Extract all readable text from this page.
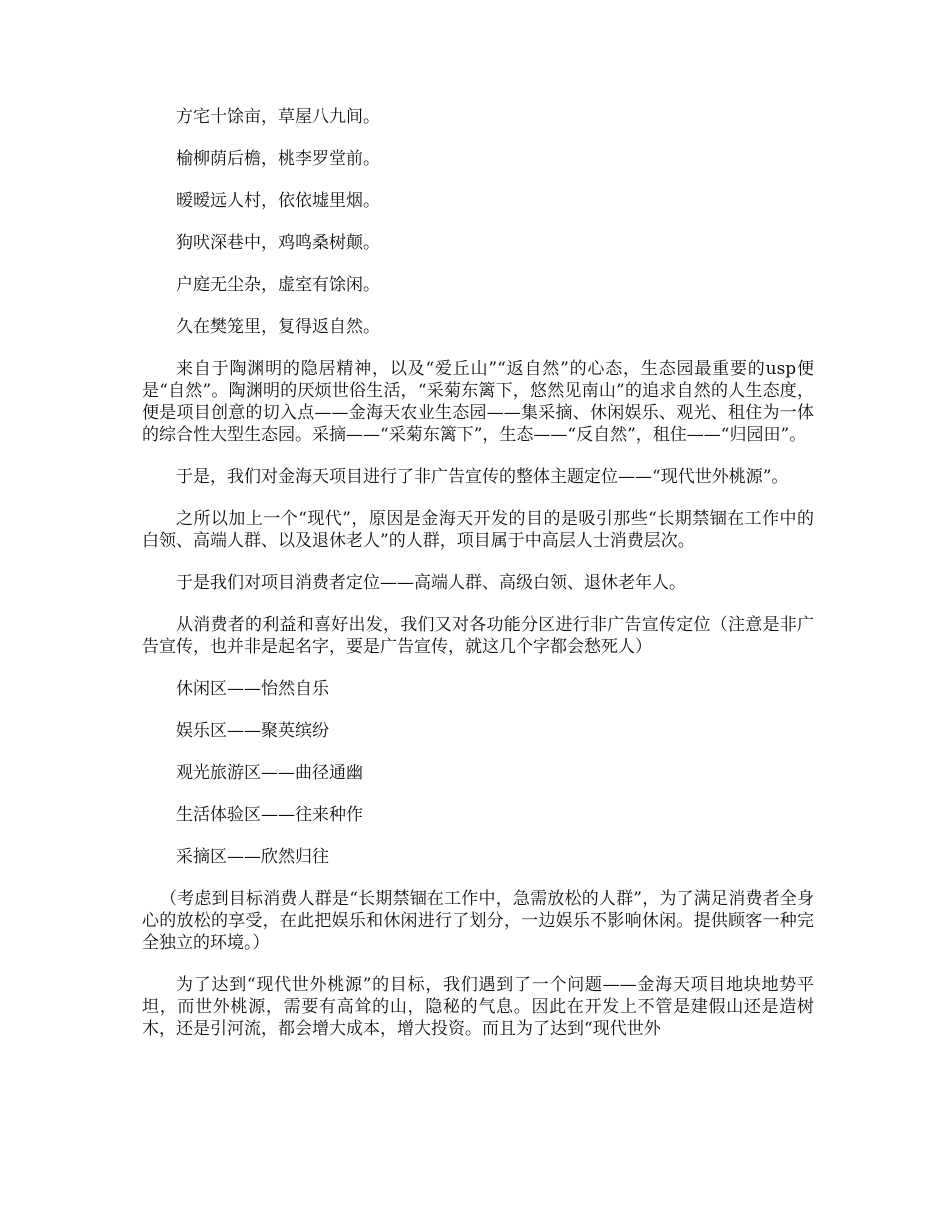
方宅十馀亩，草屋八九间。

榆柳荫后檐，桃李罗堂前。

暧暧远人村，依依墟里烟。

狗吠深巷中，鸡鸣桑树颠。

户庭无尘杂，虚室有馀闲。

久在樊笼里，复得返自然。

来自于陶渊明的隐居精神，以及“爱丘山”“返自然”的心态，生态园最重要的usp便是“自然”。陶渊明的厌烦世俗生活，“采菊东篱下，悠然见南山”的追求自然的人生态度，便是项目创意的切入点——金海天农业生态园——集采摘、休闲娱乐、观光、租住为一体的综合性大型生态园。采摘——“采菊东篱下”，生态——“反自然”，租住——“归园田”。

于是，我们对金海天项目进行了非广告宣传的整体主题定位——“现代世外桃源”。

之所以加上一个“现代”，原因是金海天开发的目的是吸引那些“长期禁锢在工作中的白领、高端人群、以及退休老人”的人群，项目属于中高层人士消费层次。

于是我们对项目消费者定位——高端人群、高级白领、退休老年人。

从消费者的利益和喜好出发，我们又对各功能分区进行非广告宣传定位（注意是非广告宣传，也并非是起名字，要是广告宣传，就这几个字都会愁死人）

休闲区——怡然自乐

娱乐区——聚英缤纷

观光旅游区——曲径通幽

生活体验区——往来种作

采摘区——欣然归往

（考虑到目标消费人群是“长期禁锢在工作中，急需放松的人群”，为了满足消费者全身心的放松的享受，在此把娱乐和休闲进行了划分，一边娱乐不影响休闲。提供顾客一种完全独立的环境。）

为了达到“现代世外桃源”的目标，我们遇到了一个问题——金海天项目地块地势平坦，而世外桃源，需要有高耸的山，隐秘的气息。因此在开发上不管是建假山还是造树木，还是引河流，都会增大成本，增大投资。而且为了达到“现代世外
